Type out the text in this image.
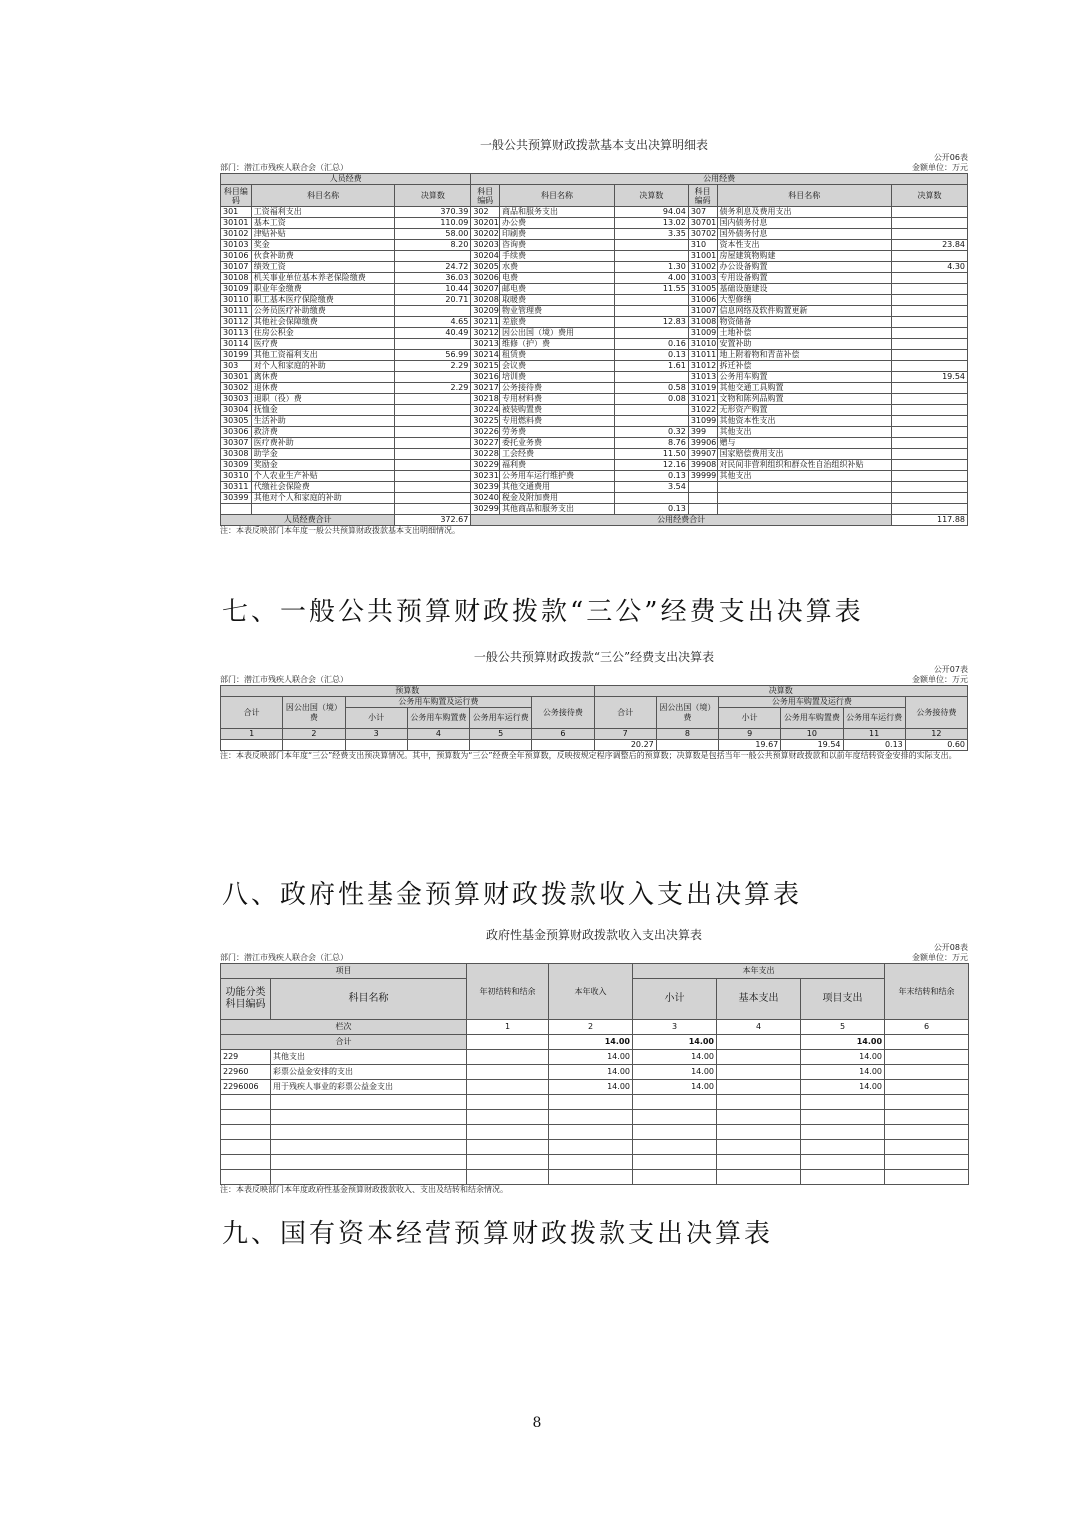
一般公共预算财政拨款基本支出决算明细表
公开06表
部门：潜江市残疾人联合会（汇总）	金额单位：万元
人员经费			公用经费					
科目编码	科目名称	决算数	科目编码	科目名称	决算数	科目编码	科目名称	决算数
301	工资福利支出	370.39	302	商品和服务支出	94.04	307	债务利息及费用支出	
30101	基本工资	110.09	30201	办公费	13.02	30701	国内债务付息	
30102	津贴补贴	58.00	30202	印刷费	3.35	30702	国外债务付息	
30103	奖金	8.20	30203	咨询费		310	资本性支出	23.84
30106	伙食补助费		30204	手续费		31001	房屋建筑物购建	
30107	绩效工资	24.72	30205	水费	1.30	31002	办公设备购置	4.30
30108	机关事业单位基本养老保险缴费	36.03	30206	电费	4.00	31003	专用设备购置	
30109	职业年金缴费	10.44	30207	邮电费	11.55	31005	基础设施建设	
30110	职工基本医疗保险缴费	20.71	30208	取暖费		31006	大型修缮	
30111	公务员医疗补助缴费		30209	物业管理费		31007	信息网络及软件购置更新	
30112	其他社会保障缴费	4.65	30211	差旅费	12.83	31008	物资储备	
30113	住房公积金	40.49	30212	因公出国（境）费用		31009	土地补偿	
30114	医疗费		30213	维修（护）费	0.16	31010	安置补助	
30199	其他工资福利支出	56.99	30214	租赁费	0.13	31011	地上附着物和青苗补偿	
303	对个人和家庭的补助	2.29	30215	会议费	1.61	31012	拆迁补偿	
30301	离休费		30216	培训费		31013	公务用车购置	19.54
30302	退休费	2.29	30217	公务接待费	0.58	31019	其他交通工具购置	
30303	退职（役）费		30218	专用材料费	0.08	31021	文物和陈列品购置	
30304	抚恤金		30224	被装购置费		31022	无形资产购置	
30305	生活补助		30225	专用燃料费		31099	其他资本性支出	
30306	救济费		30226	劳务费	0.32	399	其他支出	
30307	医疗费补助		30227	委托业务费	8.76	39906	赠与	
30308	助学金		30228	工会经费	11.50	39907	国家赔偿费用支出	
30309	奖励金		30229	福利费	12.16	39908	对民间非营利组织和群众性自治组织补贴	
30310	个人农业生产补贴		30231	公务用车运行维护费	0.13	39999	其他支出	
30311	代缴社会保险费		30239	其他交通费用	3.54			
30399	其他对个人和家庭的补助		30240	税金及附加费用				
			30299	其他商品和服务支出	0.13			
人员经费合计		372.67	公用经费合计					117.88
注：本表反映部门本年度一般公共预算财政拨款基本支出明细情况。
七、一般公共预算财政拨款“三公”经费支出决算表
一般公共预算财政拨款“三公”经费支出决算表
公开07表
部门：潜江市残疾人联合会（汇总）	金额单位：万元
预算数						决算数					
合计	因公出国（境）费	公务用车购置及运行费			公务接待费	合计	因公出国（境）费	公务用车购置及运行费			公务接待费
		小计	公务用车购置费	公务用车运行费				小计	公务用车购置费	公务用车运行费	
1	2	3	4	5	6	7	8	9	10	11	12
						20.27		19.67	19.54	0.13	0.60
注：本表反映部门本年度“三公”经费支出预决算情况。其中，预算数为“三公”经费全年预算数，反映按规定程序调整后的预算数；决算数是包括当年一般公共预算财政拨款和以前年度结转资金安排的实际支出。
八、政府性基金预算财政拨款收入支出决算表
政府性基金预算财政拨款收入支出决算表
公开08表
部门：潜江市残疾人联合会（汇总）	金额单位：万元
项目		年初结转和结余	本年收入	本年支出			年末结转和结余
功能分类科目编码	科目名称			小计	基本支出	项目支出	
栏次		1	2	3	4	5	6
合计			14.00	14.00		14.00	
229	其他支出		14.00	14.00		14.00	
22960	彩票公益金安排的支出		14.00	14.00		14.00	
2296006	用于残疾人事业的彩票公益金支出		14.00	14.00		14.00	

注：本表反映部门本年度政府性基金预算财政拨款收入、支出及结转和结余情况。
九、国有资本经营预算财政拨款支出决算表
8
